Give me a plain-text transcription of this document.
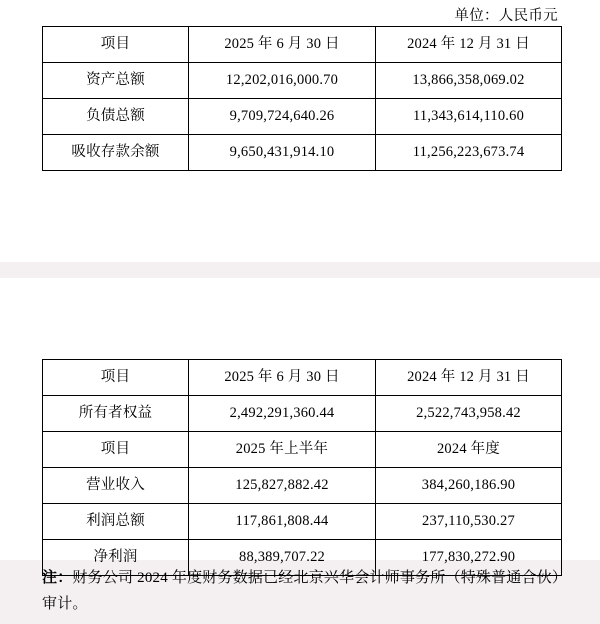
单位：人民币元
项目	2025 年 6 月 30 日	2024 年 12 月 31 日
资产总额	12,202,016,000.70	13,866,358,069.02
负债总额	9,709,724,640.26	11,343,614,110.60
吸收存款余额	9,650,431,914.10	11,256,223,673.74
项目	2025 年 6 月 30 日	2024 年 12 月 31 日
所有者权益	2,492,291,360.44	2,522,743,958.42
项目	2025 年上半年	2024 年度
营业收入	125,827,882.42	384,260,186.90
利润总额	117,861,808.44	237,110,530.27
净利润	88,389,707.22	177,830,272.90
注：财务公司 2024 年度财务数据已经北京兴华会计师事务所（特殊普通合伙）审计。
